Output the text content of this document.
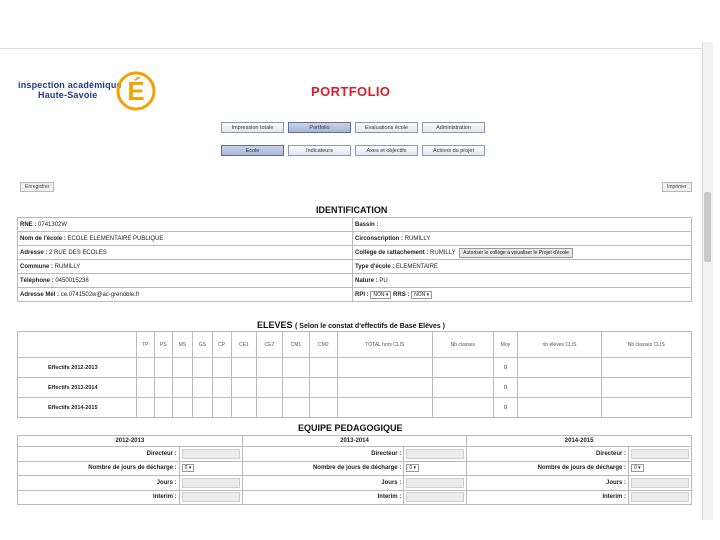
inspection académique
Haute-Savoie	É	PORTFOLIO
Impression totale	Portfolio	Evaluations école	Administration
Ecole	Indicateurs	Axes et objectifs	Actions du projet
Enregistrer	Imprimer
IDENTIFICATION
RNE : 0741302W	Bassin :
Nom de l'école : ECOLE ELEMENTAIRE PUBLIQUE	Circonscription : RUMILLY
Adresse : 2 RUE DES ECOLES	Collège de rattachement : RUMILLY Autoriser le collège à visualiser le Projet d'école
Commune : RUMILLY	Type d'école : ELEMENTAIRE
Téléphone : 0450015238	Nature : PU
Adresse Mél : ce.0741502w@ac-grenoble.fr	RPI : NON ▾ RRS : NON ▾
ELEVES ( Selon le constat d'effectifs de Base Elèves )
	TP	PS	MS	GS	CP	CE1	CE2	CM1	CM2	TOTAL hors CLIS	Nb classes	Moy	nb élèves CLIS	Nb classes CLIS
Effectifs 2012-2013												0		
Effectifs 2013-2014												0		
Effectifs 2014-2015												0		
EQUIPE PEDAGOGIQUE
2012-2013		2013-2014		2014-2015	
Directeur :		Directeur :		Directeur :	
Nombre de jours de décharge :	0 ▾	Nombre de jours de décharge :	0 ▾	Nombre de jours de décharge :	0 ▾
Jours :		Jours :		Jours :	
Interim :		Interim :		Interim :	
